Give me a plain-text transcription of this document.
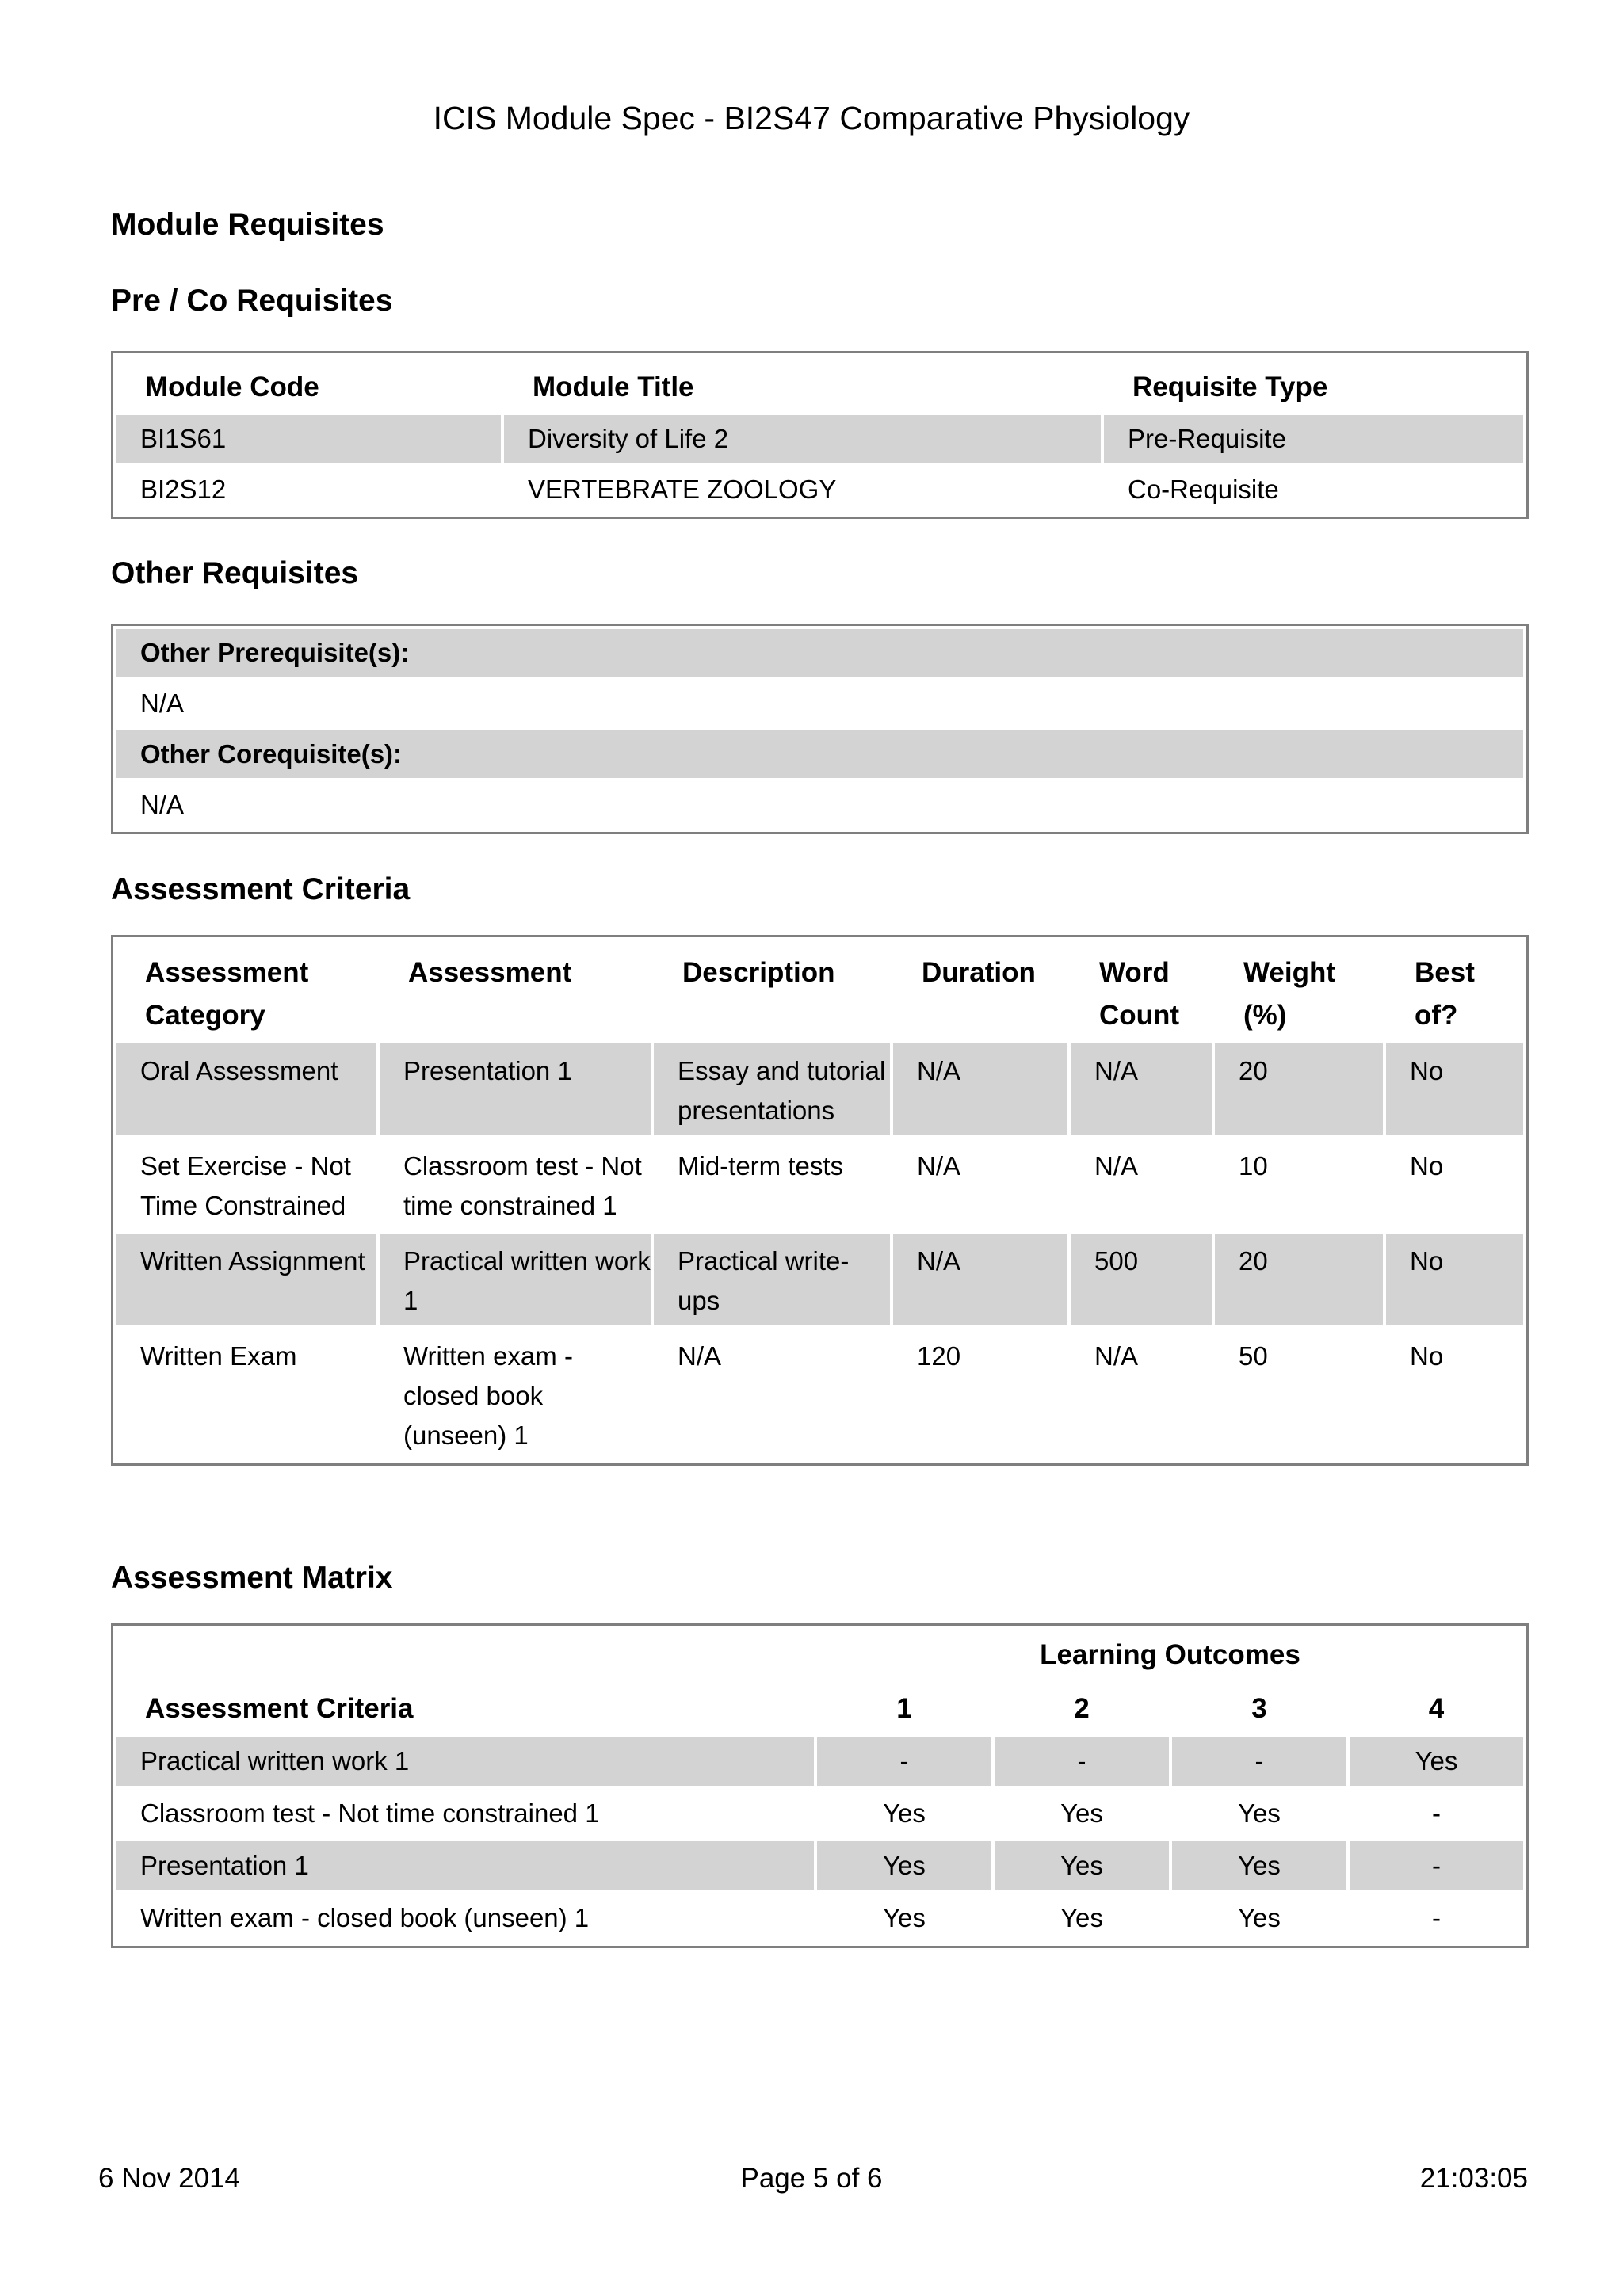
ICIS Module Spec - BI2S47 Comparative Physiology
Module Requisites
Pre / Co Requisites
Module Code	Module Title	Requisite Type
BI1S61	Diversity of Life 2	Pre-Requisite
BI2S12	VERTEBRATE ZOOLOGY	Co-Requisite
Other Requisites
Other Prerequisite(s):
N/A
Other Corequisite(s):
N/A
Assessment Criteria
Assessment Category	Assessment	Description	Duration	Word Count	Weight (%)	Best of?
Oral Assessment	Presentation 1	Essay and tutorial presentations	N/A	N/A	20	No
Set Exercise - Not Time Constrained	Classroom test - Not time constrained 1	Mid-term tests	N/A	N/A	10	No
Written Assignment	Practical written work 1	Practical write-ups	N/A	500	20	No
Written Exam	Written exam - closed book (unseen) 1	N/A	120	N/A	50	No
Assessment Matrix
	Learning Outcomes			
Assessment Criteria	1	2	3	4
Practical written work 1	-	-	-	Yes
Classroom test - Not time constrained 1	Yes	Yes	Yes	-
Presentation 1	Yes	Yes	Yes	-
Written exam - closed book (unseen) 1	Yes	Yes	Yes	-
6 Nov 2014	Page 5 of 6	21:03:05
